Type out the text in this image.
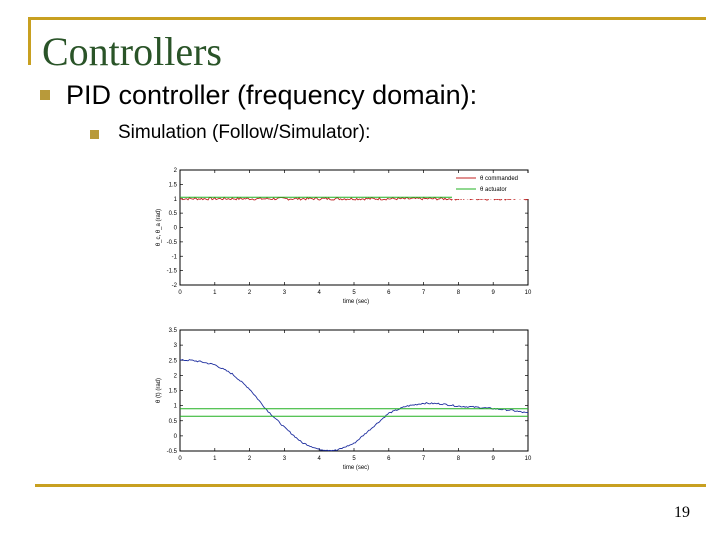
Controllers
PID controller (frequency domain):
Simulation (Follow/Simulator):
0	1	2	3	4	5	6	7	8	9	10
-2
-1.5
-1
-0.5
0
0.5
1
1.5
2
time (sec)
θ_c, θ_a (rad)
θ commanded
θ actuator
0	1	2	3	4	5	6	7	8	9	10
-0.5
0
0.5
1
1.5
2
2.5
3
3.5
time (sec)
θ (t) (rad)
19
